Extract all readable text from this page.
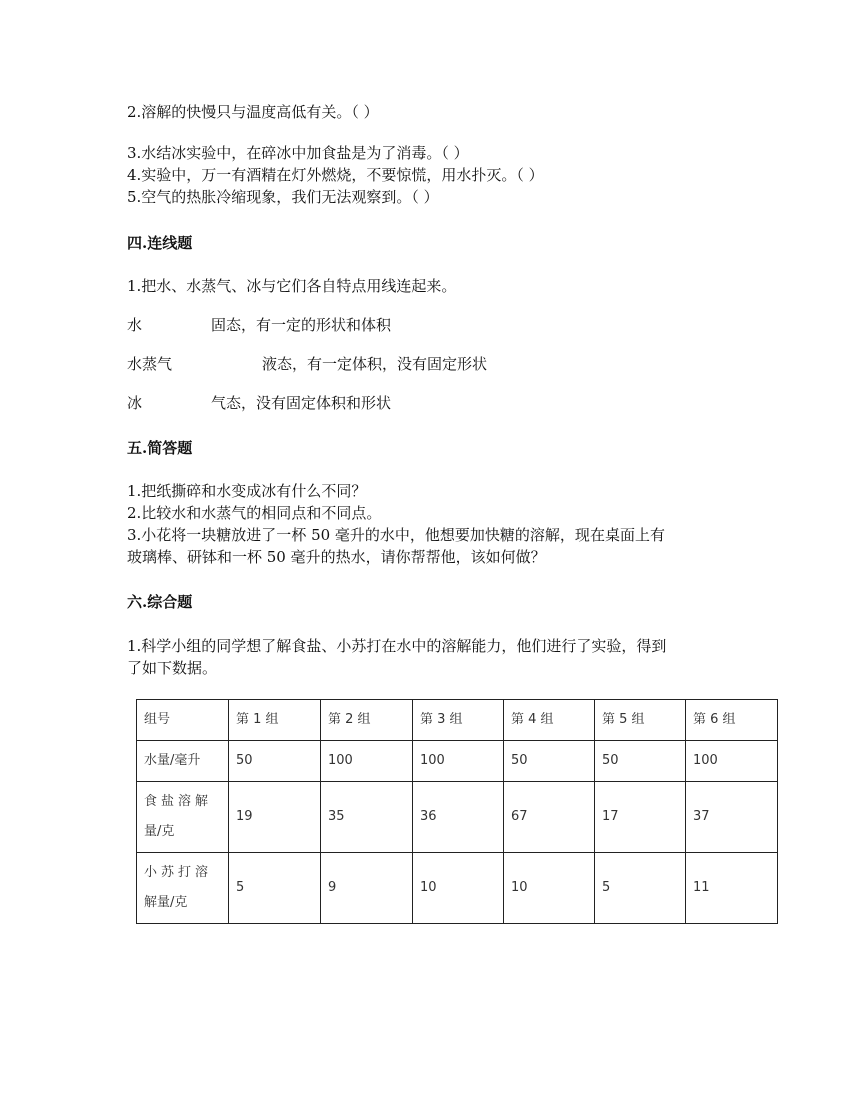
2.溶解的快慢只与温度高低有关。（ ）
3.水结冰实验中，在碎冰中加食盐是为了消毒。（ ）
4.实验中，万一有酒精在灯外燃烧，不要惊慌，用水扑灭。（ ）
5.空气的热胀冷缩现象，我们无法观察到。（ ）
四.连线题
1.把水、水蒸气、冰与它们各自特点用线连起来。
水	固态，有一定的形状和体积
水蒸气	液态，有一定体积，没有固定形状
冰	气态，没有固定体积和形状
五.简答题
1.把纸撕碎和水变成冰有什么不同？
2.比较水和水蒸气的相同点和不同点。
3.小花将一块糖放进了一杯 50 毫升的水中，他想要加快糖的溶解，现在桌面上有
玻璃棒、研钵和一杯 50 毫升的热水，请你帮帮他，该如何做？
六.综合题
1.科学小组的同学想了解食盐、小苏打在水中的溶解能力，他们进行了实验，得到
了如下数据。
组号	第 1 组	第 2 组	第 3 组	第 4 组	第 5 组	第 6 组
水量/毫升	50	100	100	50	50	100

食盐溶解
量/克	19	35	36	67	17	37

小苏打溶
解量/克	5	9	10	10	5	11
